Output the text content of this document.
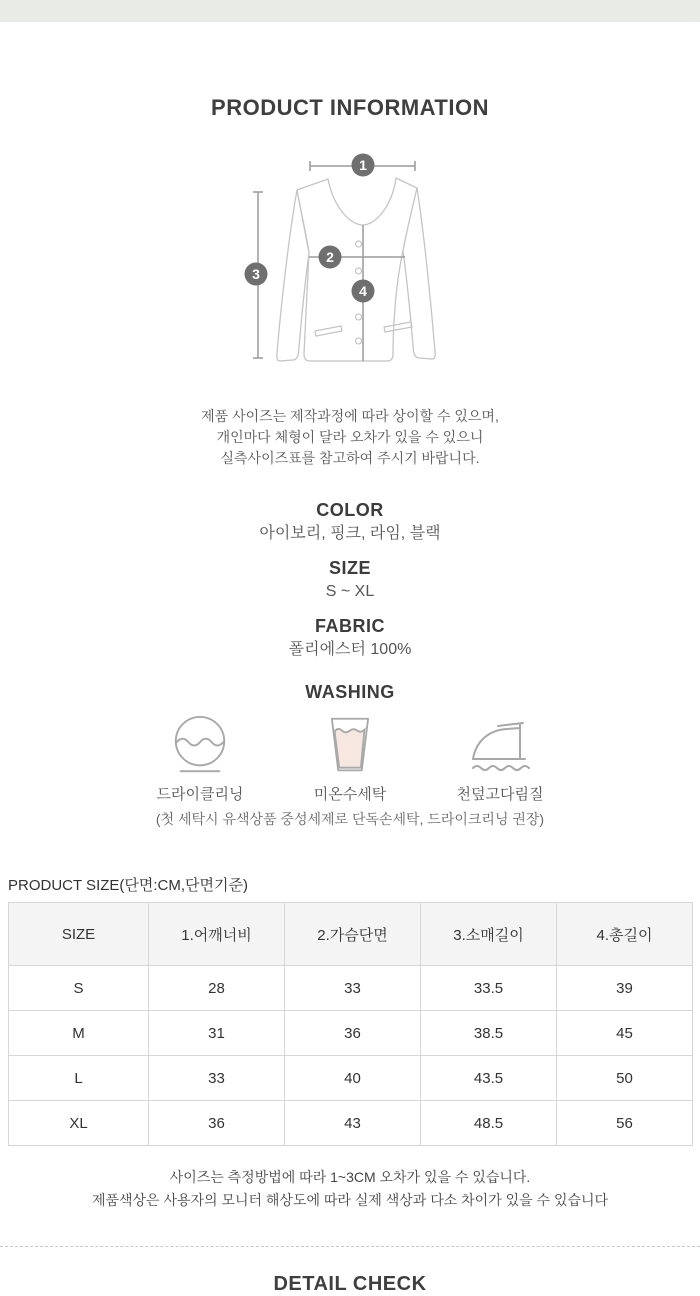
PRODUCT INFORMATION
1
2
3
4
제품 사이즈는 제작과정에 따라 상이할 수 있으며,
개인마다 체형이 달라 오차가 있을 수 있으니
실측사이즈표를 참고하여 주시기 바랍니다.
COLOR
아이보리, 핑크, 라임, 블랙
SIZE
S ~ XL
FABRIC
폴리에스터 100%
WASHING
드라이클리닝	미온수세탁	천덮고다림질
(첫 세탁시 유색상품 중성세제로 단독손세탁, 드라이크리닝 권장)
PRODUCT SIZE(단면:CM,단면기준)
SIZE	1.어깨너비	2.가슴단면	3.소매길이	4.총길이
S	28	33	33.5	39
M	31	36	38.5	45
L	33	40	43.5	50
XL	36	43	48.5	56
사이즈는 측정방법에 따라 1~3CM 오차가 있을 수 있습니다.
제품색상은 사용자의 모니터 해상도에 따라 실제 색상과 다소 차이가 있을 수 있습니다
DETAIL CHECK
